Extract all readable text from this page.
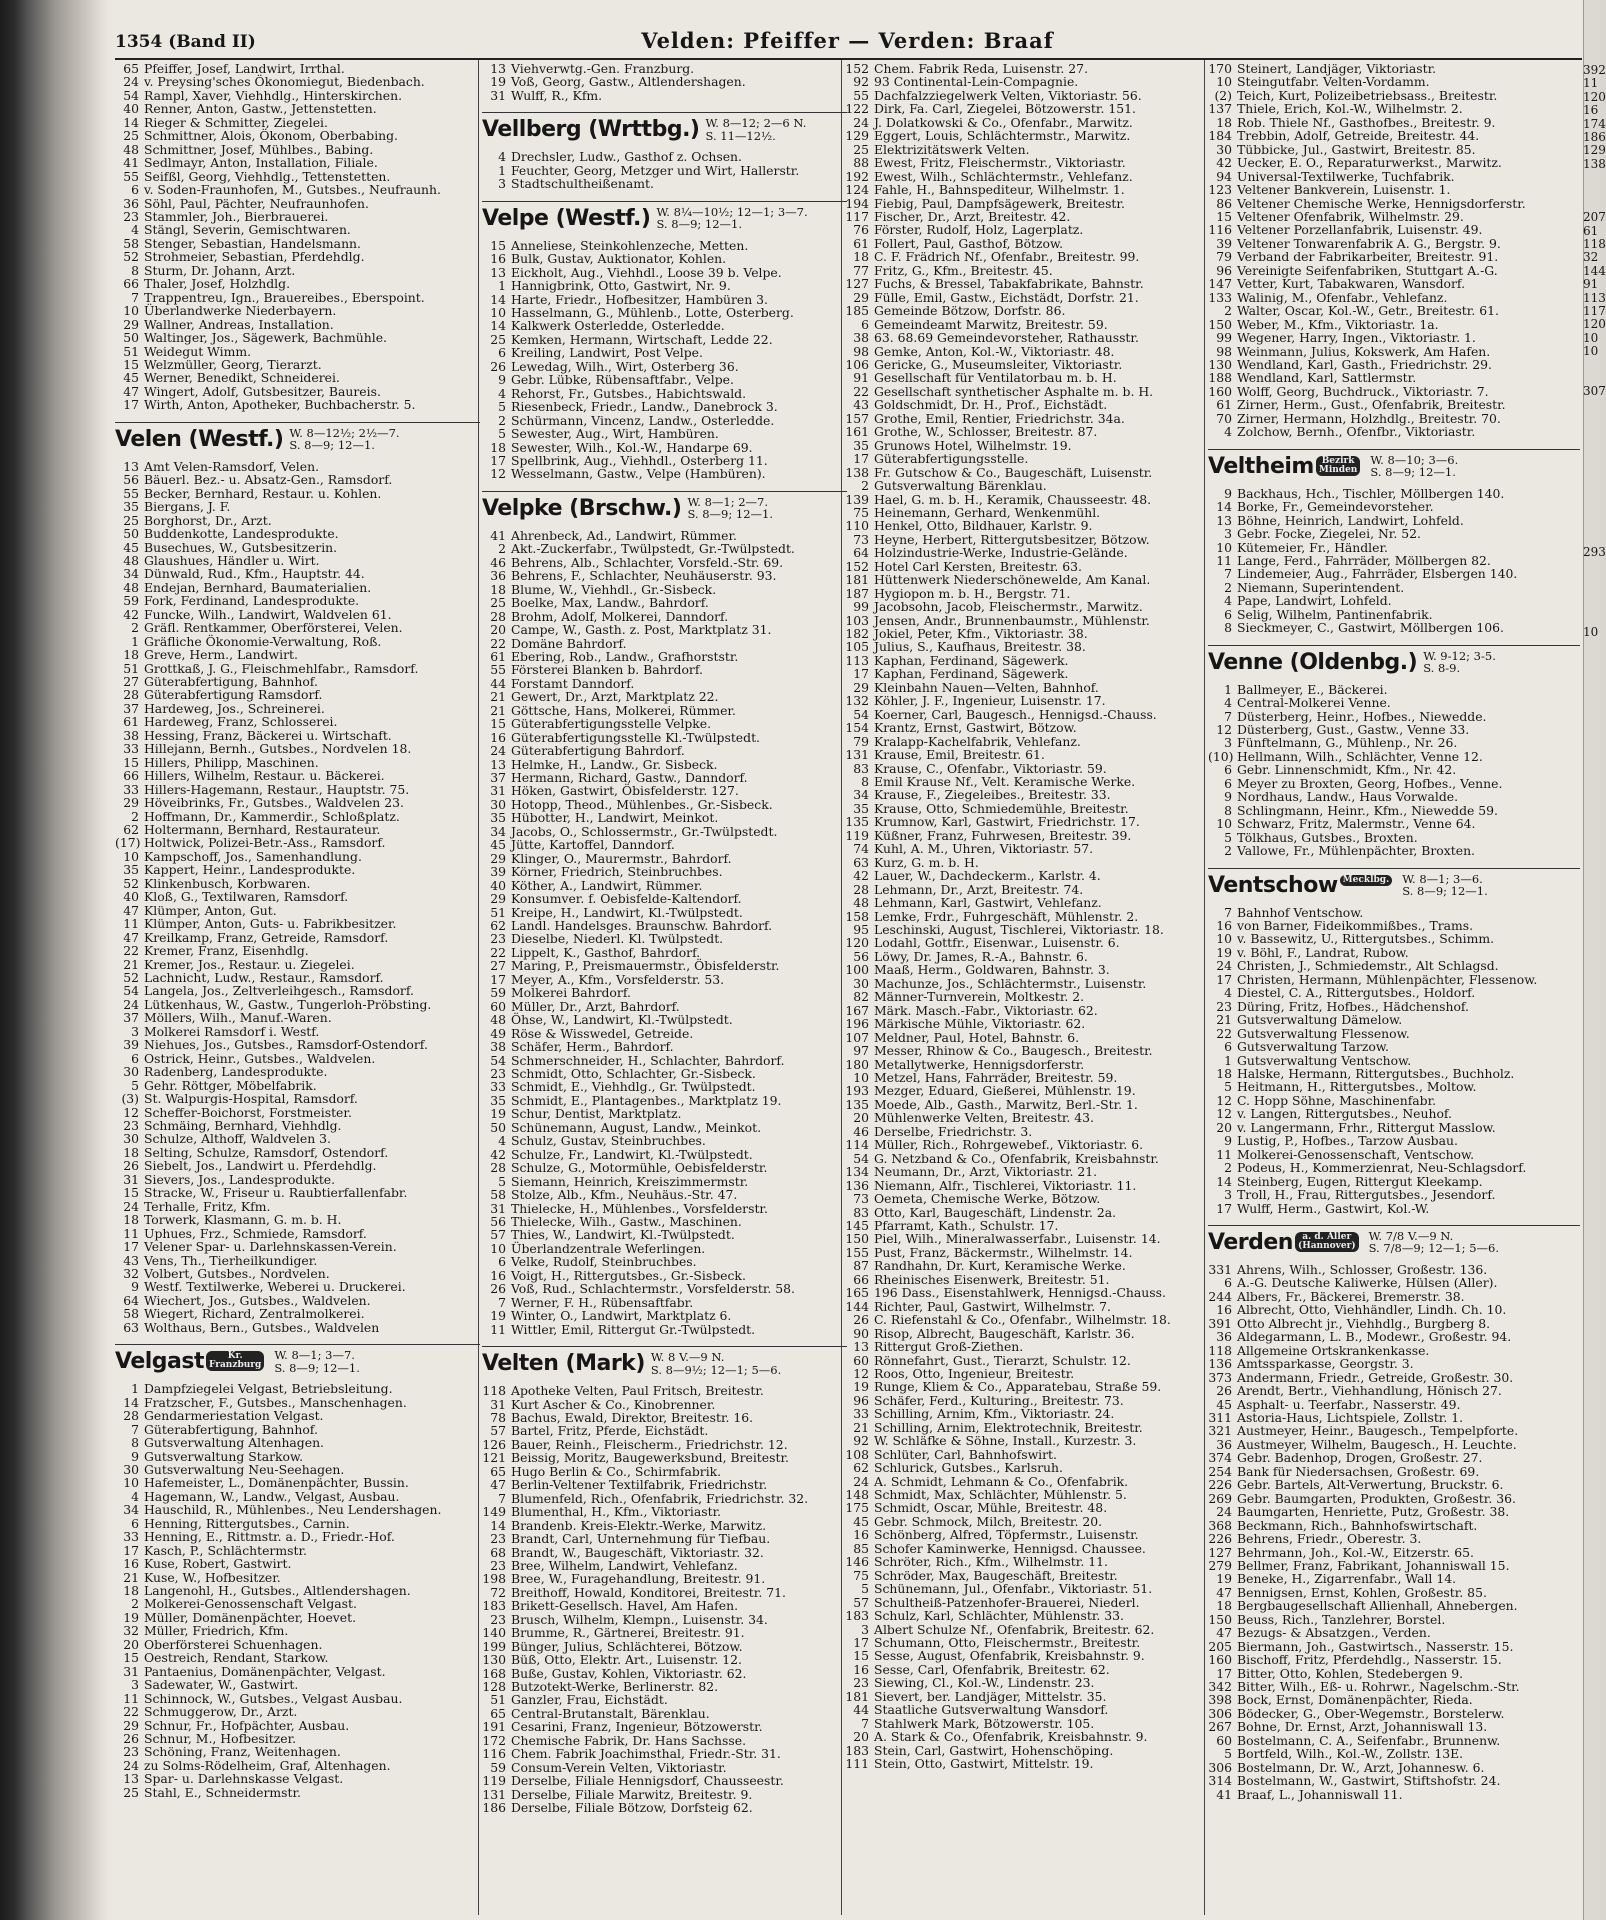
Velden: Pfeiffer — Verden: Braaf
1354 (Band II)
392
11
120
16
174
186
129
138
207
61
118
32
144
91
113
117
120
10
10
307
293
10
65 Pfeiffer, Josef, Landwirt, Irrthal.
24 v. Preysing'sches Ökonomiegut, Biedenbach.
54 Rampl, Xaver, Viehhdlg., Hinterskirchen.
40 Renner, Anton, Gastw., Jettenstetten.
14 Rieger & Schmitter, Ziegelei.
25 Schmittner, Alois, Ökonom, Oberbabing.
48 Schmittner, Josef, Mühlbes., Babing.
41 Sedlmayr, Anton, Installation, Filiale.
55 Seifßl, Georg, Viehhdlg., Tettenstetten.
6 v. Soden-Fraunhofen, M., Gutsbes., Neufraunh.
36 Söhl, Paul, Pächter, Neufraunhofen.
23 Stammler, Joh., Bierbrauerei.
4 Stängl, Severin, Gemischtwaren.
58 Stenger, Sebastian, Handelsmann.
52 Strohmeier, Sebastian, Pferdehdlg.
8 Sturm, Dr. Johann, Arzt.
66 Thaler, Josef, Holzhdlg.
7 Trappentreu, Ign., Brauereibes., Eberspoint.
10 Überlandwerke Niederbayern.
29 Wallner, Andreas, Installation.
50 Waltinger, Jos., Sägewerk, Bachmühle.
51 Weidegut Wimm.
15 Welzmüller, Georg, Tierarzt.
45 Werner, Benedikt, Schneiderei.
47 Wingert, Adolf, Gutsbesitzer, Baureis.
17 Wirth, Anton, Apotheker, Buchbacherstr. 5.
Velen (Westf.) W. 8—12½; 2½—7.
S. 8—9; 12—1.
13 Amt Velen-Ramsdorf, Velen.
56 Bäuerl. Bez.- u. Absatz-Gen., Ramsdorf.
55 Becker, Bernhard, Restaur. u. Kohlen.
35 Biergans, J. F.
25 Borghorst, Dr., Arzt.
50 Buddenkotte, Landesprodukte.
45 Busechues, W., Gutsbesitzerin.
48 Glaushues, Händler u. Wirt.
34 Dünwald, Rud., Kfm., Hauptstr. 44.
48 Endejan, Bernhard, Baumaterialien.
59 Fork, Ferdinand, Landesprodukte.
42 Funcke, Wilh., Landwirt, Waldvelen 61.
2 Gräfl. Rentkammer, Oberförsterei, Velen.
1 Gräfliche Ökonomie-Verwaltung, Roß.
18 Greve, Herm., Landwirt.
51 Grottkaß, J. G., Fleischmehlfabr., Ramsdorf.
27 Güterabfertigung, Bahnhof.
28 Güterabfertigung Ramsdorf.
37 Hardeweg, Jos., Schreinerei.
61 Hardeweg, Franz, Schlosserei.
38 Hessing, Franz, Bäckerei u. Wirtschaft.
33 Hillejann, Bernh., Gutsbes., Nordvelen 18.
15 Hillers, Philipp, Maschinen.
66 Hillers, Wilhelm, Restaur. u. Bäckerei.
33 Hillers-Hagemann, Restaur., Hauptstr. 75.
29 Höveibrinks, Fr., Gutsbes., Waldvelen 23.
2 Hoffmann, Dr., Kammerdir., Schloßplatz.
62 Holtermann, Bernhard, Restaurateur.
(17) Holtwick, Polizei-Betr.-Ass., Ramsdorf.
10 Kampschoff, Jos., Samenhandlung.
35 Kappert, Heinr., Landesprodukte.
52 Klinkenbusch, Korbwaren.
40 Kloß, G., Textilwaren, Ramsdorf.
47 Klümper, Anton, Gut.
11 Klümper, Anton, Guts- u. Fabrikbesitzer.
47 Kreilkamp, Franz, Getreide, Ramsdorf.
22 Kremer, Franz, Eisenhdlg.
21 Kremer, Jos., Restaur. u. Ziegelei.
52 Lachnicht, Ludw., Restaur., Ramsdorf.
54 Langela, Jos., Zeltverleihgesch., Ramsdorf.
24 Lütkenhaus, W., Gastw., Tungerloh-Pröbsting.
37 Möllers, Wilh., Manuf.-Waren.
3 Molkerei Ramsdorf i. Westf.
39 Niehues, Jos., Gutsbes., Ramsdorf-Ostendorf.
6 Ostrick, Heinr., Gutsbes., Waldvelen.
30 Radenberg, Landesprodukte.
5 Gehr. Röttger, Möbelfabrik.
(3) St. Walpurgis-Hospital, Ramsdorf.
12 Scheffer-Boichorst, Forstmeister.
23 Schmäing, Bernhard, Viehhdlg.
30 Schulze, Althoff, Waldvelen 3.
18 Selting, Schulze, Ramsdorf, Ostendorf.
26 Siebelt, Jos., Landwirt u. Pferdehdlg.
31 Sievers, Jos., Landesprodukte.
15 Stracke, W., Friseur u. Raubtierfallenfabr.
24 Terhalle, Fritz, Kfm.
18 Torwerk, Klasmann, G. m. b. H.
11 Uphues, Frz., Schmiede, Ramsdorf.
17 Velener Spar- u. Darlehnskassen-Verein.
43 Vens, Th., Tierheilkundiger.
32 Volbert, Gutsbes., Nordvelen.
9 Westf. Textilwerke, Weberei u. Druckerei.
64 Wiechert, Jos., Gutsbes., Waldvelen.
58 Wiegert, Richard, Zentralmolkerei.
63 Wolthaus, Bern., Gutsbes., Waldvelen
Velgast	Kr.
Franzburg
W. 8—1; 3—7.
S. 8—9; 12—1.
1 Dampfziegelei Velgast, Betriebsleitung.
14 Fratzscher, F., Gutsbes., Manschenhagen.
28 Gendarmeriestation Velgast.
7 Güterabfertigung, Bahnhof.
8 Gutsverwaltung Altenhagen.
9 Gutsverwaltung Starkow.
30 Gutsverwaltung Neu-Seehagen.
10 Hafemeister, L., Domänenpächter, Bussin.
4 Hagemann, W., Landw., Velgast, Ausbau.
34 Hauschild, R., Mühlenbes., Neu Lendershagen.
6 Henning, Rittergutsbes., Carnin.
33 Henning, E., Rittmstr. a. D., Friedr.-Hof.
17 Kasch, P., Schlächtermstr.
16 Kuse, Robert, Gastwirt.
21 Kuse, W., Hofbesitzer.
18 Langenohl, H., Gutsbes., Altlendershagen.
2 Molkerei-Genossenschaft Velgast.
19 Müller, Domänenpächter, Hoevet.
32 Müller, Friedrich, Kfm.
20 Oberförsterei Schuenhagen.
15 Oestreich, Rendant, Starkow.
31 Pantaenius, Domänenpächter, Velgast.
3 Sadewater, W., Gastwirt.
11 Schinnock, W., Gutsbes., Velgast Ausbau.
22 Schmuggerow, Dr., Arzt.
29 Schnur, Fr., Hofpächter, Ausbau.
26 Schnur, M., Hofbesitzer.
23 Schöning, Franz, Weitenhagen.
24 zu Solms-Rödelheim, Graf, Altenhagen.
13 Spar- u. Darlehnskasse Velgast.
25 Stahl, E., Schneidermstr.
13 Viehverwtg.-Gen. Franzburg.
19 Voß, Georg, Gastw., Altlendershagen.
31 Wulff, R., Kfm.
Vellberg (Wrttbg.) W. 8—12; 2—6 N.
S. 11—12½.
4 Drechsler, Ludw., Gasthof z. Ochsen.
1 Feuchter, Georg, Metzger und Wirt, Hallerstr.
3 Stadtschultheißenamt.
Velpe (Westf.) W. 8¼—10½; 12—1; 3—7.
S. 8—9; 12—1.
15 Anneliese, Steinkohlenzeche, Metten.
16 Bulk, Gustav, Auktionator, Kohlen.
13 Eickholt, Aug., Viehhdl., Loose 39 b. Velpe.
1 Hannigbrink, Otto, Gastwirt, Nr. 9.
14 Harte, Friedr., Hofbesitzer, Hambüren 3.
10 Hasselmann, G., Mühlenb., Lotte, Osterberg.
14 Kalkwerk Osterledde, Osterledde.
25 Kemken, Hermann, Wirtschaft, Ledde 22.
6 Kreiling, Landwirt, Post Velpe.
26 Lewedag, Wilh., Wirt, Osterberg 36.
9 Gebr. Lübke, Rübensaftfabr., Velpe.
4 Rehorst, Fr., Gutsbes., Habichtswald.
5 Riesenbeck, Friedr., Landw., Danebrock 3.
2 Schürmann, Vincenz, Landw., Osterledde.
5 Sewester, Aug., Wirt, Hambüren.
18 Sewester, Wilh., Kol.-W., Handarpe 69.
17 Spellbrink, Aug., Viehhdl., Osterberg 11.
12 Wesselmann, Gastw., Velpe (Hambüren).
Velpke (Brschw.) W. 8—1; 2—7.
S. 8—9; 12—1.
41 Ahrenbeck, Ad., Landwirt, Rümmer.
2 Akt.-Zuckerfabr., Twülpstedt, Gr.-Twülpstedt.
46 Behrens, Alb., Schlachter, Vorsfeld.-Str. 69.
36 Behrens, F., Schlachter, Neuhäuserstr. 93.
18 Blume, W., Viehhdl., Gr.-Sisbeck.
25 Boelke, Max, Landw., Bahrdorf.
28 Brohm, Adolf, Molkerei, Danndorf.
20 Campe, W., Gasth. z. Post, Marktplatz 31.
22 Domäne Bahrdorf.
61 Ebering, Rob., Landw., Grafhorststr.
55 Försterei Blanken b. Bahrdorf.
44 Forstamt Danndorf.
21 Gewert, Dr., Arzt, Marktplatz 22.
21 Göttsche, Hans, Molkerei, Rümmer.
15 Güterabfertigungsstelle Velpke.
16 Güterabfertigungsstelle Kl.-Twülpstedt.
24 Güterabfertigung Bahrdorf.
13 Helmke, H., Landw., Gr. Sisbeck.
37 Hermann, Richard, Gastw., Danndorf.
31 Höken, Gastwirt, Öbisfelderstr. 127.
30 Hotopp, Theod., Mühlenbes., Gr.-Sisbeck.
35 Hübotter, H., Landwirt, Meinkot.
34 Jacobs, O., Schlossermstr., Gr.-Twülpstedt.
45 Jütte, Kartoffel, Danndorf.
29 Klinger, O., Maurermstr., Bahrdorf.
39 Körner, Friedrich, Steinbruchbes.
40 Köther, A., Landwirt, Rümmer.
29 Konsumver. f. Oebisfelde-Kaltendorf.
51 Kreipe, H., Landwirt, Kl.-Twülpstedt.
62 Landl. Handelsges. Braunschw. Bahrdorf.
23 Dieselbe, Niederl. Kl. Twülpstedt.
22 Lippelt, K., Gasthof, Bahrdorf.
27 Maring, P., Preismauermstr., Öbisfelderstr.
17 Meyer, A., Kfm., Vorsfelderstr. 53.
59 Molkerei Bahrdorf.
60 Müller, Dr., Arzt, Bahrdorf.
48 Öhse, W., Landwirt, Kl.-Twülpstedt.
49 Röse & Wisswedel, Getreide.
38 Schäfer, Herm., Bahrdorf.
54 Schmerschneider, H., Schlachter, Bahrdorf.
23 Schmidt, Otto, Schlachter, Gr.-Sisbeck.
33 Schmidt, E., Viehhdlg., Gr. Twülpstedt.
35 Schmidt, E., Plantagenbes., Marktplatz 19.
19 Schur, Dentist, Marktplatz.
50 Schünemann, August, Landw., Meinkot.
4 Schulz, Gustav, Steinbruchbes.
42 Schulze, Fr., Landwirt, Kl.-Twülpstedt.
28 Schulze, G., Motormühle, Oebisfelderstr.
5 Siemann, Heinrich, Kreiszimmermstr.
58 Stolze, Alb., Kfm., Neuhäus.-Str. 47.
31 Thielecke, H., Mühlenbes., Vorsfelderstr.
56 Thielecke, Wilh., Gastw., Maschinen.
57 Thies, W., Landwirt, Kl.-Twülpstedt.
10 Überlandzentrale Weferlingen.
6 Velke, Rudolf, Steinbruchbes.
16 Voigt, H., Rittergutsbes., Gr.-Sisbeck.
26 Voß, Rud., Schlachtermstr., Vorsfelderstr. 58.
7 Werner, F. H., Rübensaftfabr.
19 Winter, O., Landwirt, Marktplatz 6.
11 Wittler, Emil, Rittergut Gr.-Twülpstedt.
Velten (Mark) W. 8 V.—9 N.
S. 8—9½; 12—1; 5—6.
118 Apotheke Velten, Paul Fritsch, Breitestr.
31 Kurt Ascher & Co., Kinobrenner.
78 Bachus, Ewald, Direktor, Breitestr. 16.
57 Bartel, Fritz, Pferde, Eichstädt.
126 Bauer, Reinh., Fleischerm., Friedrichstr. 12.
121 Beissig, Moritz, Baugewerksbund, Breitestr.
65 Hugo Berlin & Co., Schirmfabrik.
47 Berlin-Veltener Textilfabrik, Friedrichstr.
7 Blumenfeld, Rich., Ofenfabrik, Friedrichstr. 32.
149 Blumenthal, H., Kfm., Viktoriastr.
14 Brandenb. Kreis-Elektr.-Werke, Marwitz.
23 Brandt, Carl, Unternehmung für Tiefbau.
68 Brandt, W., Baugeschäft, Viktoriastr. 32.
23 Bree, Wilhelm, Landwirt, Vehlefanz.
198 Bree, W., Furagehandlung, Breitestr. 91.
72 Breithoff, Howald, Konditorei, Breitestr. 71.
183 Brikett-Gesellsch. Havel, Am Hafen.
23 Brusch, Wilhelm, Klempn., Luisenstr. 34.
140 Brumme, R., Gärtnerei, Breitestr. 91.
199 Bünger, Julius, Schlächterei, Bötzow.
130 Büß, Otto, Elektr. Art., Luisenstr. 12.
168 Buße, Gustav, Kohlen, Viktoriastr. 62.
128 Butzotekt-Werke, Berlinerstr. 82.
51 Ganzler, Frau, Eichstädt.
65 Central-Brutanstalt, Bärenklau.
191 Cesarini, Franz, Ingenieur, Bötzowerstr.
172 Chemische Fabrik, Dr. Hans Sachsse.
116 Chem. Fabrik Joachimsthal, Friedr.-Str. 31.
59 Consum-Verein Velten, Viktoriastr.
119 Derselbe, Filiale Hennigsdorf, Chausseestr.
131 Derselbe, Filiale Marwitz, Breitestr. 9.
186 Derselbe, Filiale Bötzow, Dorfsteig 62.
152 Chem. Fabrik Reda, Luisenstr. 27.
92 93 Continental-Lein-Compagnie.
55 Dachfalzziegelwerk Velten, Viktoriastr. 56.
122 Dirk, Fa. Carl, Ziegelei, Bötzowerstr. 151.
24 J. Dolatkowski & Co., Ofenfabr., Marwitz.
129 Eggert, Louis, Schlächtermstr., Marwitz.
25 Elektrizitätswerk Velten.
88 Ewest, Fritz, Fleischermstr., Viktoriastr.
192 Ewest, Wilh., Schlächtermstr., Vehlefanz.
124 Fahle, H., Bahnspediteur, Wilhelmstr. 1.
194 Fiebig, Paul, Dampfsägewerk, Breitestr.
117 Fischer, Dr., Arzt, Breitestr. 42.
76 Förster, Rudolf, Holz, Lagerplatz.
61 Follert, Paul, Gasthof, Bötzow.
18 C. F. Frädrich Nf., Ofenfabr., Breitestr. 99.
77 Fritz, G., Kfm., Breitestr. 45.
127 Fuchs, & Bressel, Tabakfabrikate, Bahnstr.
29 Fülle, Emil, Gastw., Eichstädt, Dorfstr. 21.
185 Gemeinde Bötzow, Dorfstr. 86.
6 Gemeindeamt Marwitz, Breitestr. 59.
38 63. 68.69 Gemeindevorsteher, Rathausstr.
98 Gemke, Anton, Kol.-W., Viktoriastr. 48.
106 Gericke, G., Museumsleiter, Viktoriastr.
91 Gesellschaft für Ventilatorbau m. b. H.
22 Gesellschaft synthetischer Asphalte m. b. H.
43 Goldschmidt, Dr. H., Prof., Eichstädt.
157 Grothe, Emil, Rentier, Friedrichstr. 34a.
161 Grothe, W., Schlosser, Breitestr. 87.
35 Grunows Hotel, Wilhelmstr. 19.
17 Güterabfertigungsstelle.
138 Fr. Gutschow & Co., Baugeschäft, Luisenstr.
2 Gutsverwaltung Bärenklau.
139 Hael, G. m. b. H., Keramik, Chausseestr. 48.
75 Heinemann, Gerhard, Wenkenmühl.
110 Henkel, Otto, Bildhauer, Karlstr. 9.
73 Heyne, Herbert, Rittergutsbesitzer, Bötzow.
64 Holzindustrie-Werke, Industrie-Gelände.
152 Hotel Carl Kersten, Breitestr. 63.
181 Hüttenwerk Niederschönewelde, Am Kanal.
187 Hygiopon m. b. H., Bergstr. 71.
99 Jacobsohn, Jacob, Fleischermstr., Marwitz.
103 Jensen, Andr., Brunnenbaumstr., Mühlenstr.
182 Jokiel, Peter, Kfm., Viktoriastr. 38.
105 Julius, S., Kaufhaus, Breitestr. 38.
113 Kaphan, Ferdinand, Sägewerk.
17 Kaphan, Ferdinand, Sägewerk.
29 Kleinbahn Nauen—Velten, Bahnhof.
132 Köhler, J. F., Ingenieur, Luisenstr. 17.
54 Koerner, Carl, Baugesch., Hennigsd.-Chauss.
154 Krantz, Ernst, Gastwirt, Bötzow.
79 Kralapp-Kachelfabrik, Vehlefanz.
131 Krause, Emil, Breitestr. 61.
83 Krause, C., Ofenfabr., Viktoriastr. 59.
8 Emil Krause Nf., Velt. Keramische Werke.
34 Krause, F., Ziegeleibes., Breitestr. 33.
35 Krause, Otto, Schmiedemühle, Breitestr.
135 Krumnow, Karl, Gastwirt, Friedrichstr. 17.
119 Küßner, Franz, Fuhrwesen, Breitestr. 39.
74 Kuhl, A. M., Uhren, Viktoriastr. 57.
63 Kurz, G. m. b. H.
42 Lauer, W., Dachdeckerm., Karlstr. 4.
28 Lehmann, Dr., Arzt, Breitestr. 74.
48 Lehmann, Karl, Gastwirt, Vehlefanz.
158 Lemke, Frdr., Fuhrgeschäft, Mühlenstr. 2.
95 Leschinski, August, Tischlerei, Viktoriastr. 18.
120 Lodahl, Gottfr., Eisenwar., Luisenstr. 6.
56 Löwy, Dr. James, R.-A., Bahnstr. 6.
100 Maaß, Herm., Goldwaren, Bahnstr. 3.
30 Machunze, Jos., Schlächtermstr., Luisenstr.
82 Männer-Turnverein, Moltkestr. 2.
167 Märk. Masch.-Fabr., Viktoriastr. 62.
196 Märkische Mühle, Viktoriastr. 62.
107 Meldner, Paul, Hotel, Bahnstr. 6.
97 Messer, Rhinow & Co., Baugesch., Breitestr.
180 Metallytwerke, Hennigsdorferstr.
10 Metzel, Hans, Fahrräder, Breitestr. 59.
193 Mezger, Eduard, Gießerei, Mühlenstr. 19.
135 Moede, Alb., Gasth., Marwitz, Berl.-Str. 1.
20 Mühlenwerke Velten, Breitestr. 43.
46 Derselbe, Friedrichstr. 3.
114 Müller, Rich., Rohrgewebef., Viktoriastr. 6.
54 G. Netzband & Co., Ofenfabrik, Kreisbahnstr.
134 Neumann, Dr., Arzt, Viktoriastr. 21.
136 Niemann, Alfr., Tischlerei, Viktoriastr. 11.
73 Oemeta, Chemische Werke, Bötzow.
83 Otto, Karl, Baugeschäft, Lindenstr. 2a.
145 Pfarramt, Kath., Schulstr. 17.
150 Piel, Wilh., Mineralwasserfabr., Luisenstr. 14.
155 Pust, Franz, Bäckermstr., Wilhelmstr. 14.
87 Randhahn, Dr. Kurt, Keramische Werke.
66 Rheinisches Eisenwerk, Breitestr. 51.
165 196 Dass., Eisenstahlwerk, Hennigsd.-Chauss.
144 Richter, Paul, Gastwirt, Wilhelmstr. 7.
26 C. Riefenstahl & Co., Ofenfabr., Wilhelmstr. 18.
90 Risop, Albrecht, Baugeschäft, Karlstr. 36.
13 Rittergut Groß-Ziethen.
60 Rönnefahrt, Gust., Tierarzt, Schulstr. 12.
12 Roos, Otto, Ingenieur, Breitestr.
19 Runge, Kliem & Co., Apparatebau, Straße 59.
96 Schäfer, Ferd., Kulturing., Breitestr. 73.
33 Schilling, Arnim, Kfm., Viktoriastr. 24.
21 Schilling, Arnim, Elektrotechnik, Breitestr.
92 W. Schläfke & Söhne, Install., Kurzestr. 3.
108 Schlüter, Carl, Bahnhofswirt.
62 Schlurick, Gutsbes., Karlsruh.
24 A. Schmidt, Lehmann & Co., Ofenfabrik.
148 Schmidt, Max, Schlächter, Mühlenstr. 5.
175 Schmidt, Oscar, Mühle, Breitestr. 48.
45 Gebr. Schmock, Milch, Breitestr. 20.
16 Schönberg, Alfred, Töpfermstr., Luisenstr.
85 Schofer Kaminwerke, Hennigsd. Chaussee.
146 Schröter, Rich., Kfm., Wilhelmstr. 11.
75 Schröder, Max, Baugeschäft, Breitestr.
5 Schünemann, Jul., Ofenfabr., Viktoriastr. 51.
57 Schultheiß-Patzenhofer-Brauerei, Niederl.
183 Schulz, Karl, Schlächter, Mühlenstr. 33.
3 Albert Schulze Nf., Ofenfabrik, Breitestr. 62.
17 Schumann, Otto, Fleischermstr., Breitestr.
15 Sesse, August, Ofenfabrik, Kreisbahnstr. 9.
16 Sesse, Carl, Ofenfabrik, Breitestr. 62.
23 Siewing, Cl., Kol.-W., Lindenstr. 23.
181 Sievert, ber. Landjäger, Mittelstr. 35.
44 Staatliche Gutsverwaltung Wansdorf.
7 Stahlwerk Mark, Bötzowerstr. 105.
20 A. Stark & Co., Ofenfabrik, Kreisbahnstr. 9.
183 Stein, Carl, Gastwirt, Hohenschöping.
111 Stein, Otto, Gastwirt, Mittelstr. 19.
170 Steinert, Landjäger, Viktoriastr.
10 Steingutfabr. Velten-Vordamm.
(2) Teich, Kurt, Polizeibetriebsass., Breitestr.
137 Thiele, Erich, Kol.-W., Wilhelmstr. 2.
18 Rob. Thiele Nf., Gasthofbes., Breitestr. 9.
184 Trebbin, Adolf, Getreide, Breitestr. 44.
30 Tübbicke, Jul., Gastwirt, Breitestr. 85.
42 Uecker, E. O., Reparaturwerkst., Marwitz.
94 Universal-Textilwerke, Tuchfabrik.
123 Veltener Bankverein, Luisenstr. 1.
86 Veltener Chemische Werke, Hennigsdorferstr.
15 Veltener Ofenfabrik, Wilhelmstr. 29.
116 Veltener Porzellanfabrik, Luisenstr. 49.
39 Veltener Tonwarenfabrik A. G., Bergstr. 9.
79 Verband der Fabrikarbeiter, Breitestr. 91.
96 Vereinigte Seifenfabriken, Stuttgart A.-G.
147 Vetter, Kurt, Tabakwaren, Wansdorf.
133 Walinig, M., Ofenfabr., Vehlefanz.
2 Walter, Oscar, Kol.-W., Getr., Breitestr. 61.
150 Weber, M., Kfm., Viktoriastr. 1a.
99 Wegener, Harry, Ingen., Viktoriastr. 1.
98 Weinmann, Julius, Kokswerk, Am Hafen.
130 Wendland, Karl, Gasth., Friedrichstr. 29.
188 Wendland, Karl, Sattlermstr.
160 Wolff, Georg, Buchdruck., Viktoriastr. 7.
61 Zirner, Herm., Gust., Ofenfabrik, Breitestr.
70 Zirner, Hermann, Holzhdlg., Breitestr. 70.
4 Zolchow, Bernh., Ofenfbr., Viktoriastr.
Veltheim Bezirk
Minden
W. 8—10; 3—6.
S. 8—9; 12—1.
9 Backhaus, Hch., Tischler, Möllbergen 140.
14 Borke, Fr., Gemeindevorsteher.
13 Böhne, Heinrich, Landwirt, Lohfeld.
3 Gebr. Focke, Ziegelei, Nr. 52.
10 Kütemeier, Fr., Händler.
11 Lange, Ferd., Fahrräder, Möllbergen 82.
7 Lindemeier, Aug., Fahrräder, Elsbergen 140.
2 Niemann, Superintendent.
4 Pape, Landwirt, Lohfeld.
6 Selig, Wilhelm, Pantinenfabrik.
8 Sieckmeyer, C., Gastwirt, Möllbergen 106.
Venne (Oldenbg.) W. 9-12; 3-5.
S. 8-9.
1 Ballmeyer, E., Bäckerei.
4 Central-Molkerei Venne.
7 Düsterberg, Heinr., Hofbes., Niewedde.
12 Düsterberg, Gust., Gastw., Venne 33.
3 Fünftelmann, G., Mühlenp., Nr. 26.
(10) Hellmann, Wilh., Schlächter, Venne 12.
6 Gebr. Linnenschmidt, Kfm., Nr. 42.
6 Meyer zu Broxten, Georg, Hofbes., Venne.
9 Nordhaus, Landw., Haus Vorwalde.
8 Schlingmann, Heinr., Kfm., Niewedde 59.
10 Schwarz, Fritz, Malermstr., Venne 64.
5 Tölkhaus, Gutsbes., Broxten.
2 Vallowe, Fr., Mühlenpächter, Broxten.
Ventschow Mecklbg. W. 8—1; 3—6.
S. 8—9; 12—1.
7 Bahnhof Ventschow.
16 von Barner, Fideikommißbes., Trams.
10 v. Bassewitz, U., Rittergutsbes., Schimm.
19 v. Böhl, F., Landrat, Rubow.
24 Christen, J., Schmiedemstr., Alt Schlagsd.
17 Christen, Hermann, Mühlenpächter, Flessenow.
4 Diestel, C. A., Rittergutsbes., Holdorf.
23 Düring, Fritz, Hofbes., Hädchenshof.
21 Gutsverwaltung Dämelow.
22 Gutsverwaltung Flessenow.
6 Gutsverwaltung Tarzow.
1 Gutsverwaltung Ventschow.
18 Halske, Hermann, Rittergutsbes., Buchholz.
5 Heitmann, H., Rittergutsbes., Moltow.
12 C. Hopp Söhne, Maschinenfabr.
12 v. Langen, Rittergutsbes., Neuhof.
20 v. Langermann, Frhr., Rittergut Masslow.
9 Lustig, P., Hofbes., Tarzow Ausbau.
11 Molkerei-Genossenschaft, Ventschow.
2 Podeus, H., Kommerzienrat, Neu-Schlagsdorf.
14 Steinberg, Eugen, Rittergut Kleekamp.
3 Troll, H., Frau, Rittergutsbes., Jesendorf.
17 Wulff, Herm., Gastwirt, Kol.-W.
Verden	a. d. Aller
(Hannover)
W. 7/8 V.—9 N.
S. 7/8—9; 12—1; 5—6.
331 Ahrens, Wilh., Schlosser, Großestr. 136.
6 A.-G. Deutsche Kaliwerke, Hülsen (Aller).
244 Albers, Fr., Bäckerei, Bremerstr. 38.
16 Albrecht, Otto, Viehhändler, Lindh. Ch. 10.
391 Otto Albrecht jr., Viehhdlg., Burgberg 8.
36 Aldegarmann, L. B., Modewr., Großestr. 94.
118 Allgemeine Ortskrankenkasse.
136 Amtssparkasse, Georgstr. 3.
373 Andermann, Friedr., Getreide, Großestr. 30.
26 Arendt, Bertr., Viehhandlung, Hönisch 27.
45 Asphalt- u. Teerfabr., Nasserstr. 49.
311 Astoria-Haus, Lichtspiele, Zollstr. 1.
321 Austmeyer, Heinr., Baugesch., Tempelpforte.
36 Austmeyer, Wilhelm, Baugesch., H. Leuchte.
374 Gebr. Badenhop, Drogen, Großestr. 27.
254 Bank für Niedersachsen, Großestr. 69.
226 Gebr. Bartels, Alt-Verwertung, Bruckstr. 6.
269 Gebr. Baumgarten, Produkten, Großestr. 36.
24 Baumgarten, Henriette, Putz, Großestr. 38.
368 Beckmann, Rich., Bahnhofswirtschaft.
226 Behrens, Friedr., Oberestr. 3.
127 Behrmann, Joh., Kol.-W., Eitzerstr. 65.
279 Bellmer, Franz, Fabrikant, Johanniswall 15.
19 Beneke, H., Zigarrenfabr., Wall 14.
47 Bennigsen, Ernst, Kohlen, Großestr. 85.
18 Bergbaugesellschaft Allienhall, Ahnebergen.
150 Beuss, Rich., Tanzlehrer, Borstel.
47 Bezugs- & Absatzgen., Verden.
205 Biermann, Joh., Gastwirtsch., Nasserstr. 15.
160 Bischoff, Fritz, Pferdehdlg., Nasserstr. 15.
17 Bitter, Otto, Kohlen, Stedebergen 9.
342 Bitter, Wilh., Eß- u. Rohrwr., Nagelschm.-Str.
398 Bock, Ernst, Domänenpächter, Rieda.
306 Bödecker, G., Ober-Wegemstr., Borstelerw.
267 Bohne, Dr. Ernst, Arzt, Johanniswall 13.
60 Bostelmann, C. A., Seifenfabr., Brunnenw.
5 Bortfeld, Wilh., Kol.-W., Zollstr. 13E.
306 Bostelmann, Dr. W., Arzt, Johannesw. 6.
314 Bostelmann, W., Gastwirt, Stiftshofstr. 24.
41 Braaf, L., Johanniswall 11.
